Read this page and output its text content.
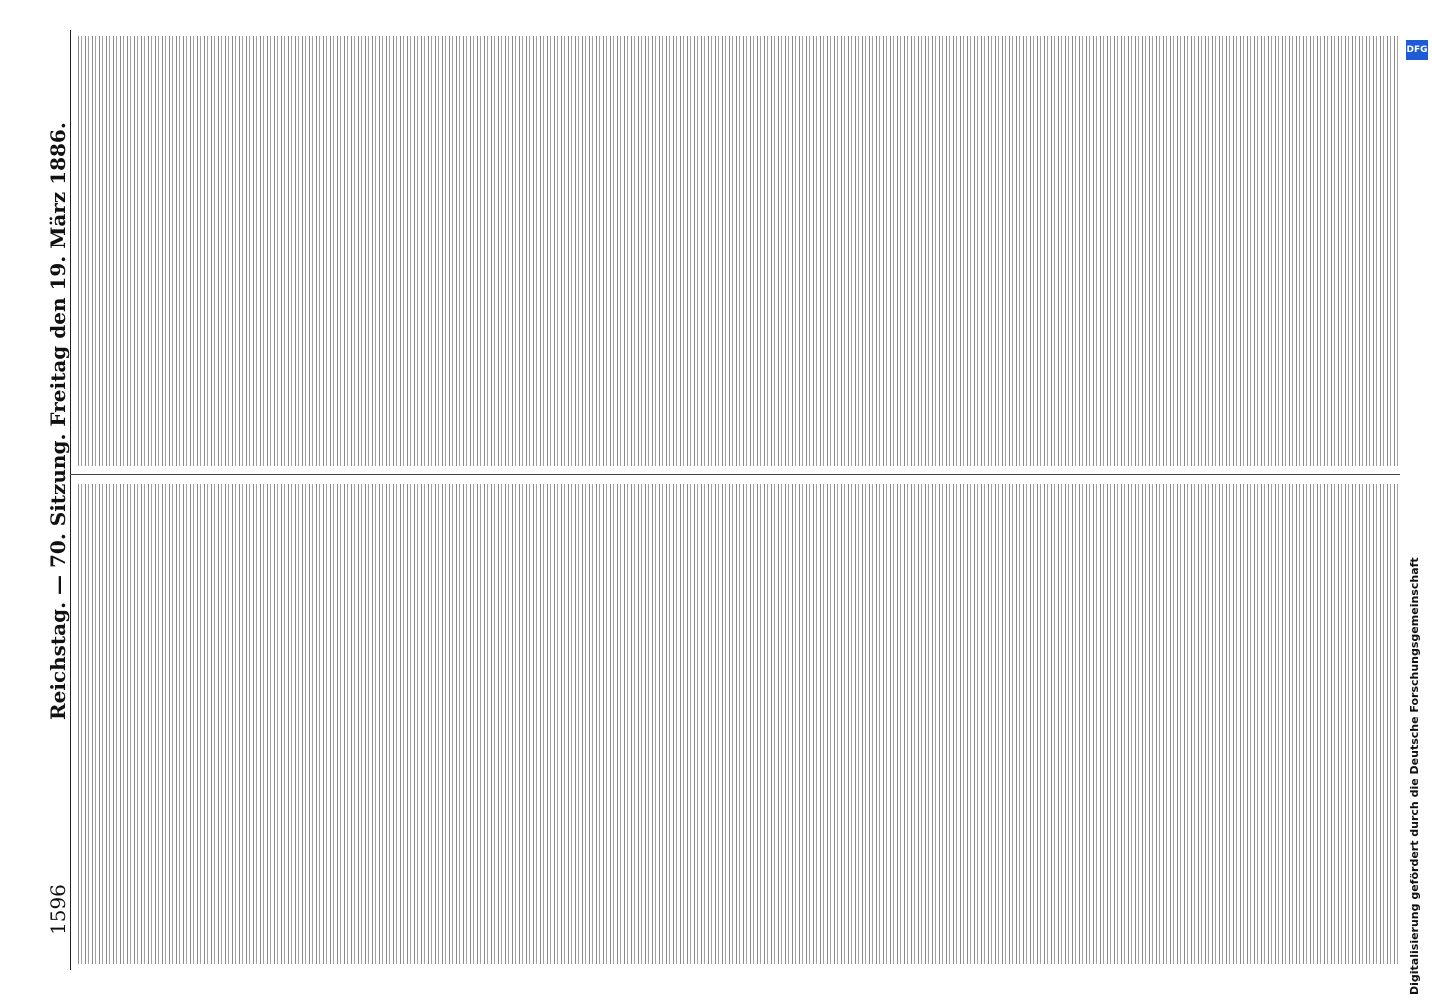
1596
Reichstag. — 70. Sitzung. Freitag den 19. März 1886.
DFG
Digitalisierung gefördert durch die Deutsche Forschungsgemeinschaft
